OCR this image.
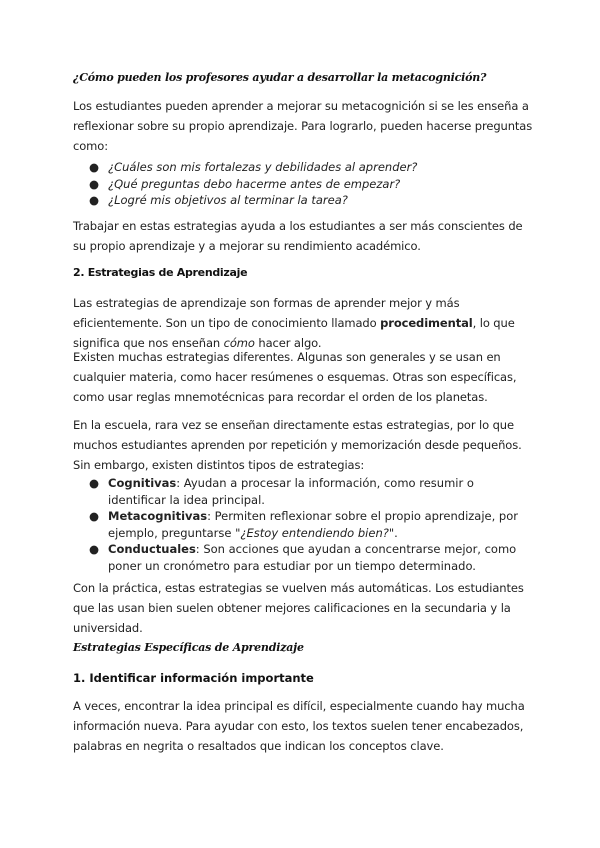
¿Cómo pueden los profesores ayudar a desarrollar la metacognición?

Los estudiantes pueden aprender a mejorar su metacognición si se les enseña a reflexionar sobre su propio aprendizaje. Para lograrlo, pueden hacerse preguntas como:

● ¿Cuáles son mis fortalezas y debilidades al aprender?
● ¿Qué preguntas debo hacerme antes de empezar?
● ¿Logré mis objetivos al terminar la tarea?

Trabajar en estas estrategias ayuda a los estudiantes a ser más conscientes de su propio aprendizaje y a mejorar su rendimiento académico.

2. Estrategias de Aprendizaje

Las estrategias de aprendizaje son formas de aprender mejor y más eficientemente. Son un tipo de conocimiento llamado procedimental, lo que significa que nos enseñan cómo hacer algo.

Existen muchas estrategias diferentes. Algunas son generales y se usan en cualquier materia, como hacer resúmenes o esquemas. Otras son específicas, como usar reglas mnemotécnicas para recordar el orden de los planetas.

En la escuela, rara vez se enseñan directamente estas estrategias, por lo que muchos estudiantes aprenden por repetición y memorización desde pequeños. Sin embargo, existen distintos tipos de estrategias:

● Cognitivas: Ayudan a procesar la información, como resumir o identificar la idea principal.
● Metacognitivas: Permiten reflexionar sobre el propio aprendizaje, por ejemplo, preguntarse "¿Estoy entendiendo bien?".
● Conductuales: Son acciones que ayudan a concentrarse mejor, como poner un cronómetro para estudiar por un tiempo determinado.

Con la práctica, estas estrategias se vuelven más automáticas. Los estudiantes que las usan bien suelen obtener mejores calificaciones en la secundaria y la universidad.

Estrategias Específicas de Aprendizaje
1. Identificar información importante

A veces, encontrar la idea principal es difícil, especialmente cuando hay mucha información nueva. Para ayudar con esto, los textos suelen tener encabezados, palabras en negrita o resaltados que indican los conceptos clave.
